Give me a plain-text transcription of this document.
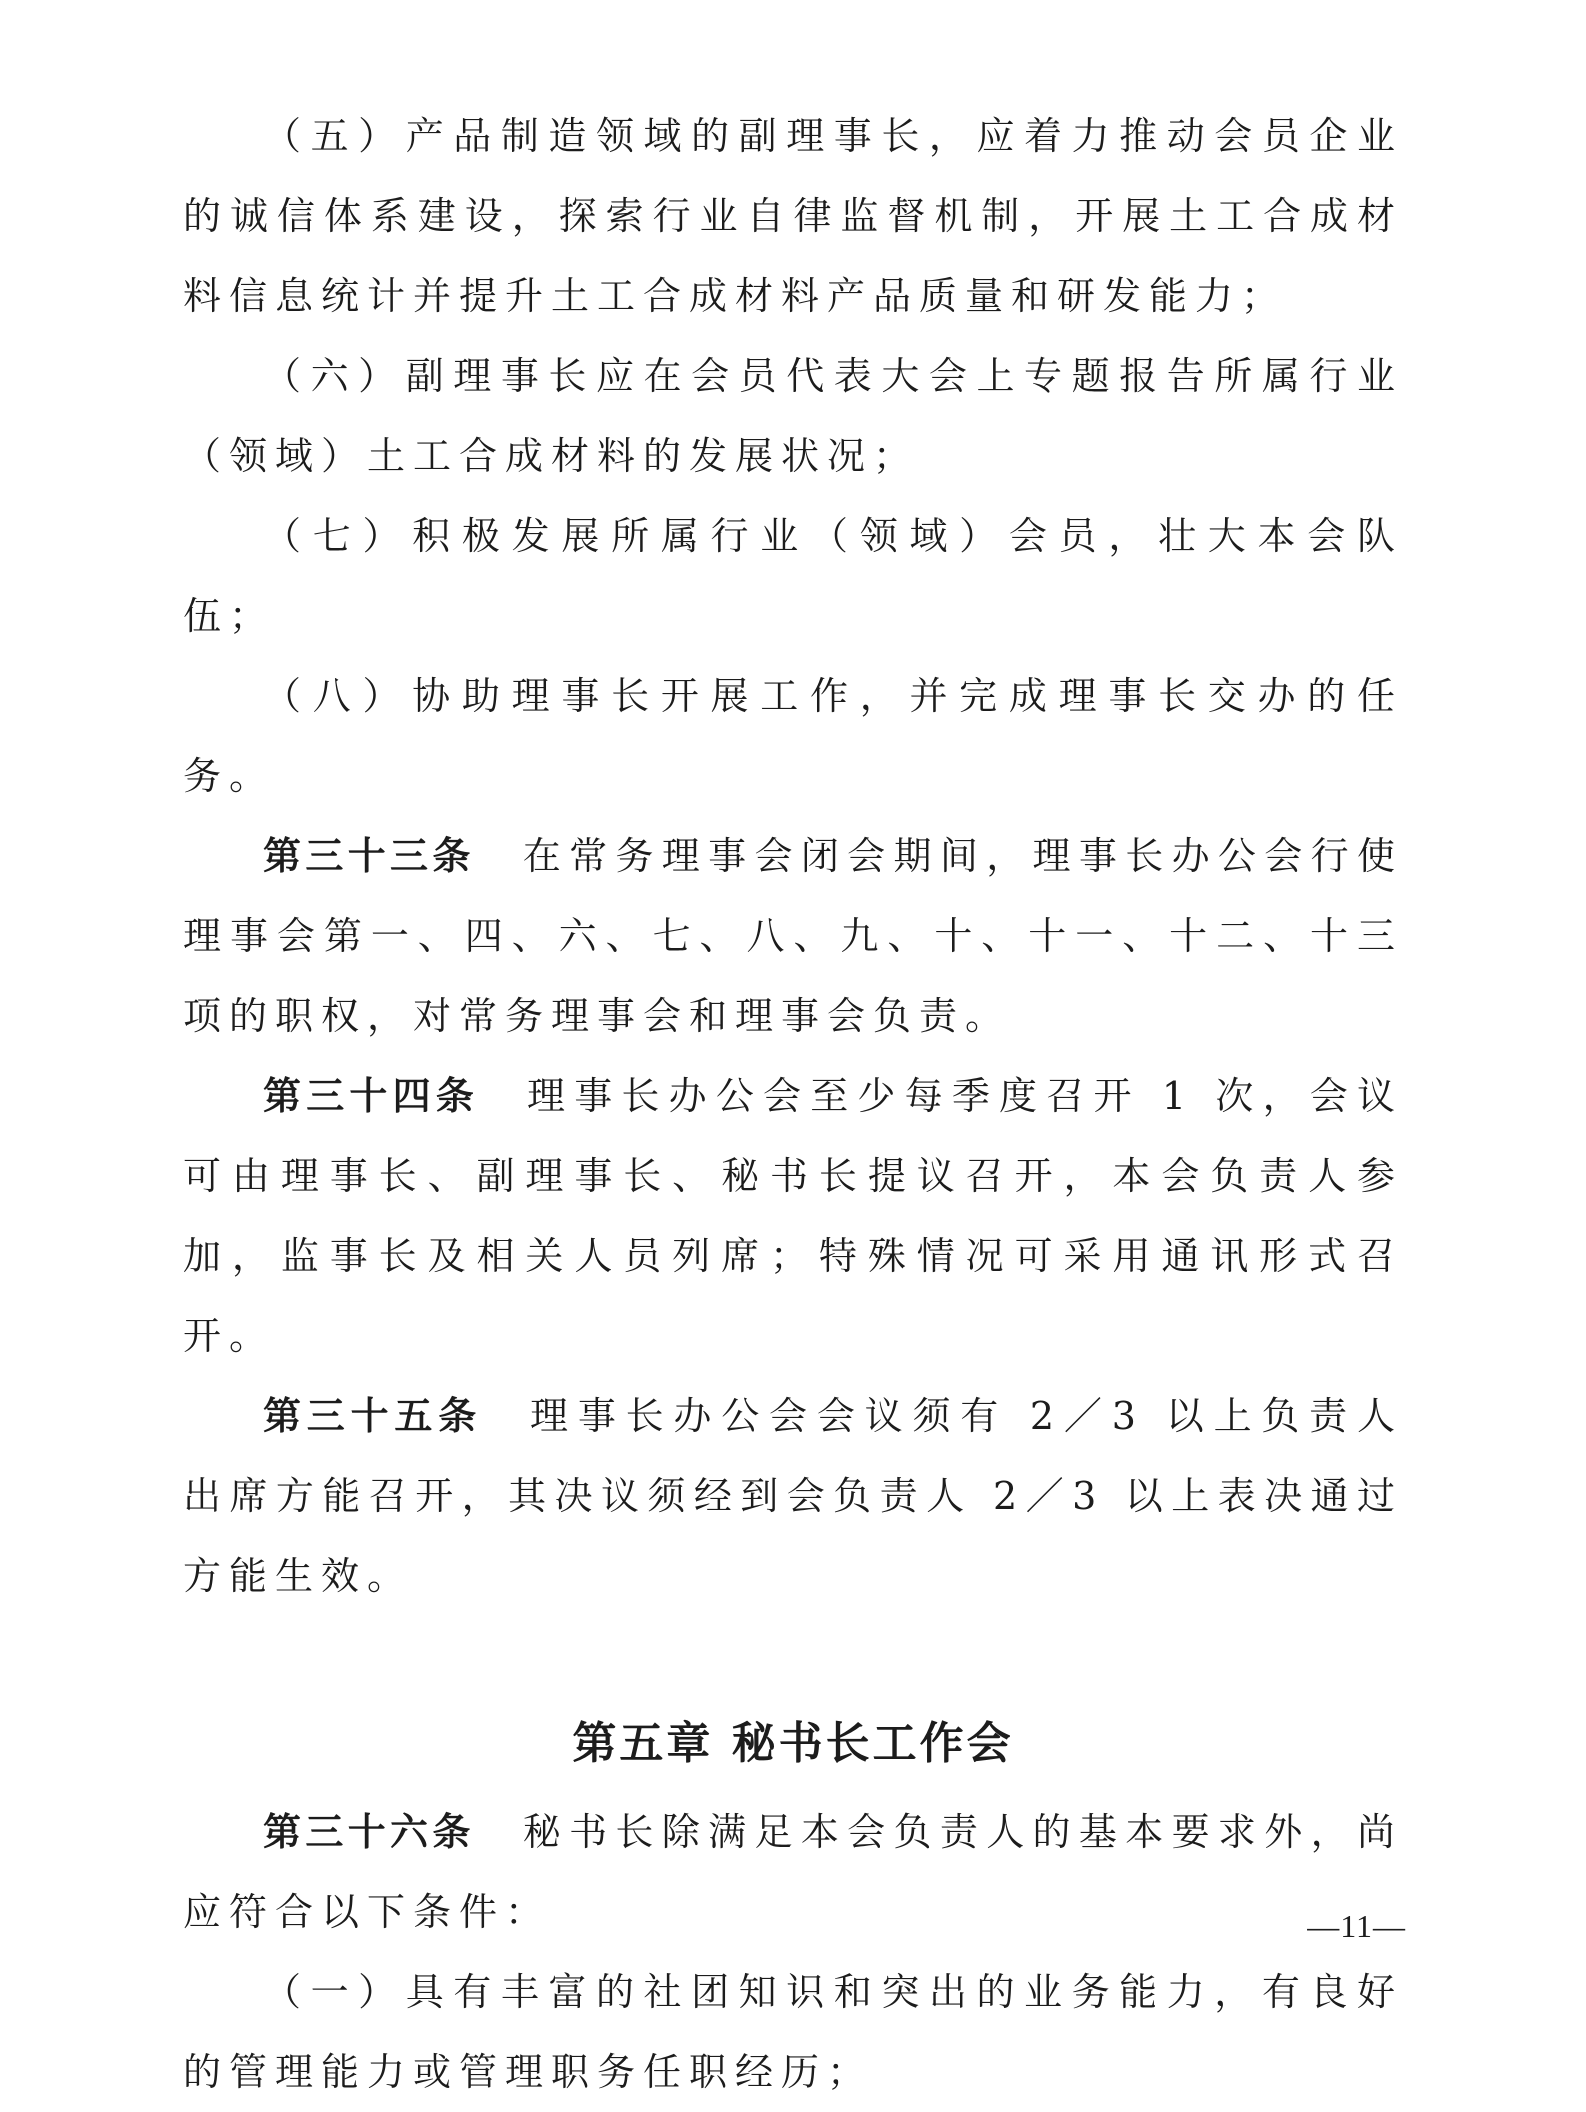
（五）产品制造领域的副理事长，应着力推动会员企业的诚信体系建设，探索行业自律监督机制，开展土工合成材料信息统计并提升土工合成材料产品质量和研发能力；

（六）副理事长应在会员代表大会上专题报告所属行业（领域）土工合成材料的发展状况；

（七）积极发展所属行业（领域）会员，壮大本会队伍；

（八）协助理事长开展工作，并完成理事长交办的任务。

第三十三条 在常务理事会闭会期间，理事长办公会行使理事会第一、四、六、七、八、九、十、十一、十二、十三项的职权，对常务理事会和理事会负责。

第三十四条 理事长办公会至少每季度召开 1 次，会议可由理事长、副理事长、秘书长提议召开，本会负责人参加，监事长及相关人员列席；特殊情况可采用通讯形式召开。

第三十五条 理事长办公会会议须有 2／3 以上负责人出席方能召开，其决议须经到会负责人 2／3 以上表决通过方能生效。

第五章 秘书长工作会

第三十六条 秘书长除满足本会负责人的基本要求外，尚应符合以下条件：

（一）具有丰富的社团知识和突出的业务能力，有良好的管理能力或管理职务任职经历；

—11—
